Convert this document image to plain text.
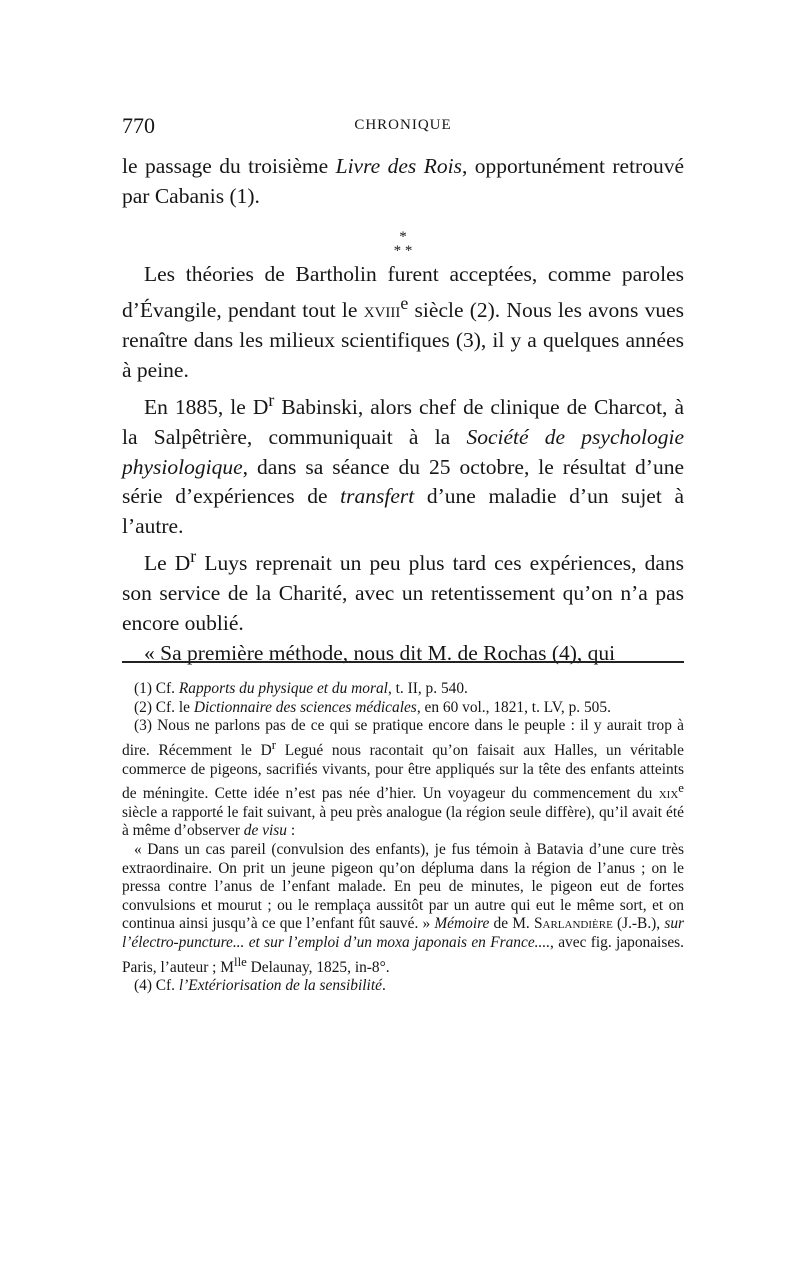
770	CHRONIQUE

le passage du troisième Livre des Rois, opportunément retrouvé par Cabanis (1).

*
* *

Les théories de Bartholin furent acceptées, comme paroles d’Évangile, pendant tout le xviii$^e$ siècle (2). Nous les avons vues renaître dans les milieux scientifiques (3), il y a quelques années à peine.

En 1885, le $D^r$ Babinski, alors chef de clinique de Charcot, à la Salpêtrière, communiquait à la Société de psychologie physiologique, dans sa séance du 25 octobre, le résultat d’une série d’expériences de transfert d’une maladie d’un sujet à l’autre.

Le $D^r$ Luys reprenait un peu plus tard ces expériences, dans son service de la Charité, avec un retentissement qu’on n’a pas encore oublié.

« Sa première méthode, nous dit M. de Rochas (4), qui

(1) Cf. Rapports du physique et du moral, t. II, p. 540.

(2) Cf. le Dictionnaire des sciences médicales, en 60 vol., 1821, t. LV, p. 505.

(3) Nous ne parlons pas de ce qui se pratique encore dans le peuple : il y aurait trop à dire. Récemment le $D^r$ Legué nous racontait qu’on faisait aux Halles, un véritable commerce de pigeons, sacrifiés vivants, pour être appliqués sur la tête des enfants atteints de méningite. Cette idée n’est pas née d’hier. Un voyageur du commencement du xix$^e$ siècle a rapporté le fait suivant, à peu près analogue (la région seule diffère), qu’il avait été à même d’observer de visu :

« Dans un cas pareil (convulsion des enfants), je fus témoin à Batavia d’une cure très extraordinaire. On prit un jeune pigeon qu’on déplumа dans la région de l’anus ; on le pressa contre l’anus de l’enfant malade. En peu de minutes, le pigeon eut de fortes convulsions et mourut ; ou le remplaça aussitôt par un autre qui eut le même sort, et on continua ainsi jusqu’à ce que l’enfant fût sauvé. » Mémoire de M. Sarlandière (J.-B.), sur l’électro-puncture... et sur l’emploi d’un moxa japonais en France...., avec fig. japonaises. Paris, l’auteur ; $M^{lle}$ Delaunay, 1825, in-8°.

(4) Cf. l’Extériorisation de la sensibilité.
